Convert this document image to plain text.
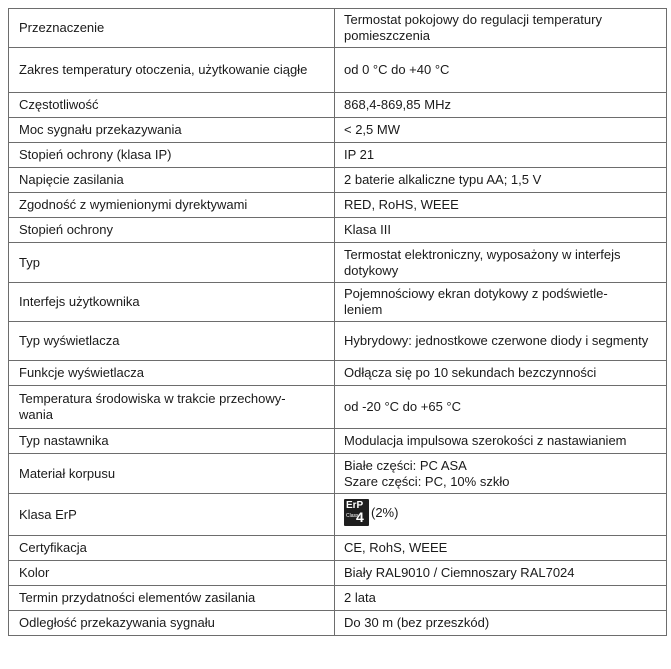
Przeznaczenie	Termostat pokojowy do regulacji temperatury pomieszczenia
Zakres temperatury otoczenia, użytkowanie ciągłe	od 0 °C do +40 °C
Częstotliwość	868,4-869,85 MHz
Moc sygnału przekazywania	< 2,5 MW
Stopień ochrony (klasa IP)	IP 21
Napięcie zasilania	2 baterie alkaliczne typu AA; 1,5 V
Zgodność z wymienionymi dyrektywami	RED, RoHS, WEEE
Stopień ochrony	Klasa III
Typ	Termostat elektroniczny, wyposażony w interfejs dotykowy
Interfejs użytkownika	Pojemnościowy ekran dotykowy z podświetle-
leniem
Typ wyświetlacza	Hybrydowy: jednostkowe czerwone diody i segmenty
Funkcje wyświetlacza	Odłącza się po 10 sekundach bezczynności
Temperatura środowiska w trakcie przechowy-
wania	od -20 °C do +65 °C
Typ nastawnika	Modulacja impulsowa szerokości z nastawianiem
Materiał korpusu	Białe części: PC ASA
Szare części: PC, 10% szkło
Klasa ErP	ErP
Class
4 (2%)

Certyfikacja	CE, RohS, WEEE
Kolor	Biały RAL9010 / Ciemnoszary RAL7024
Termin przydatności elementów zasilania	2 lata
Odległość przekazywania sygnału	Do 30 m (bez przeszkód)
